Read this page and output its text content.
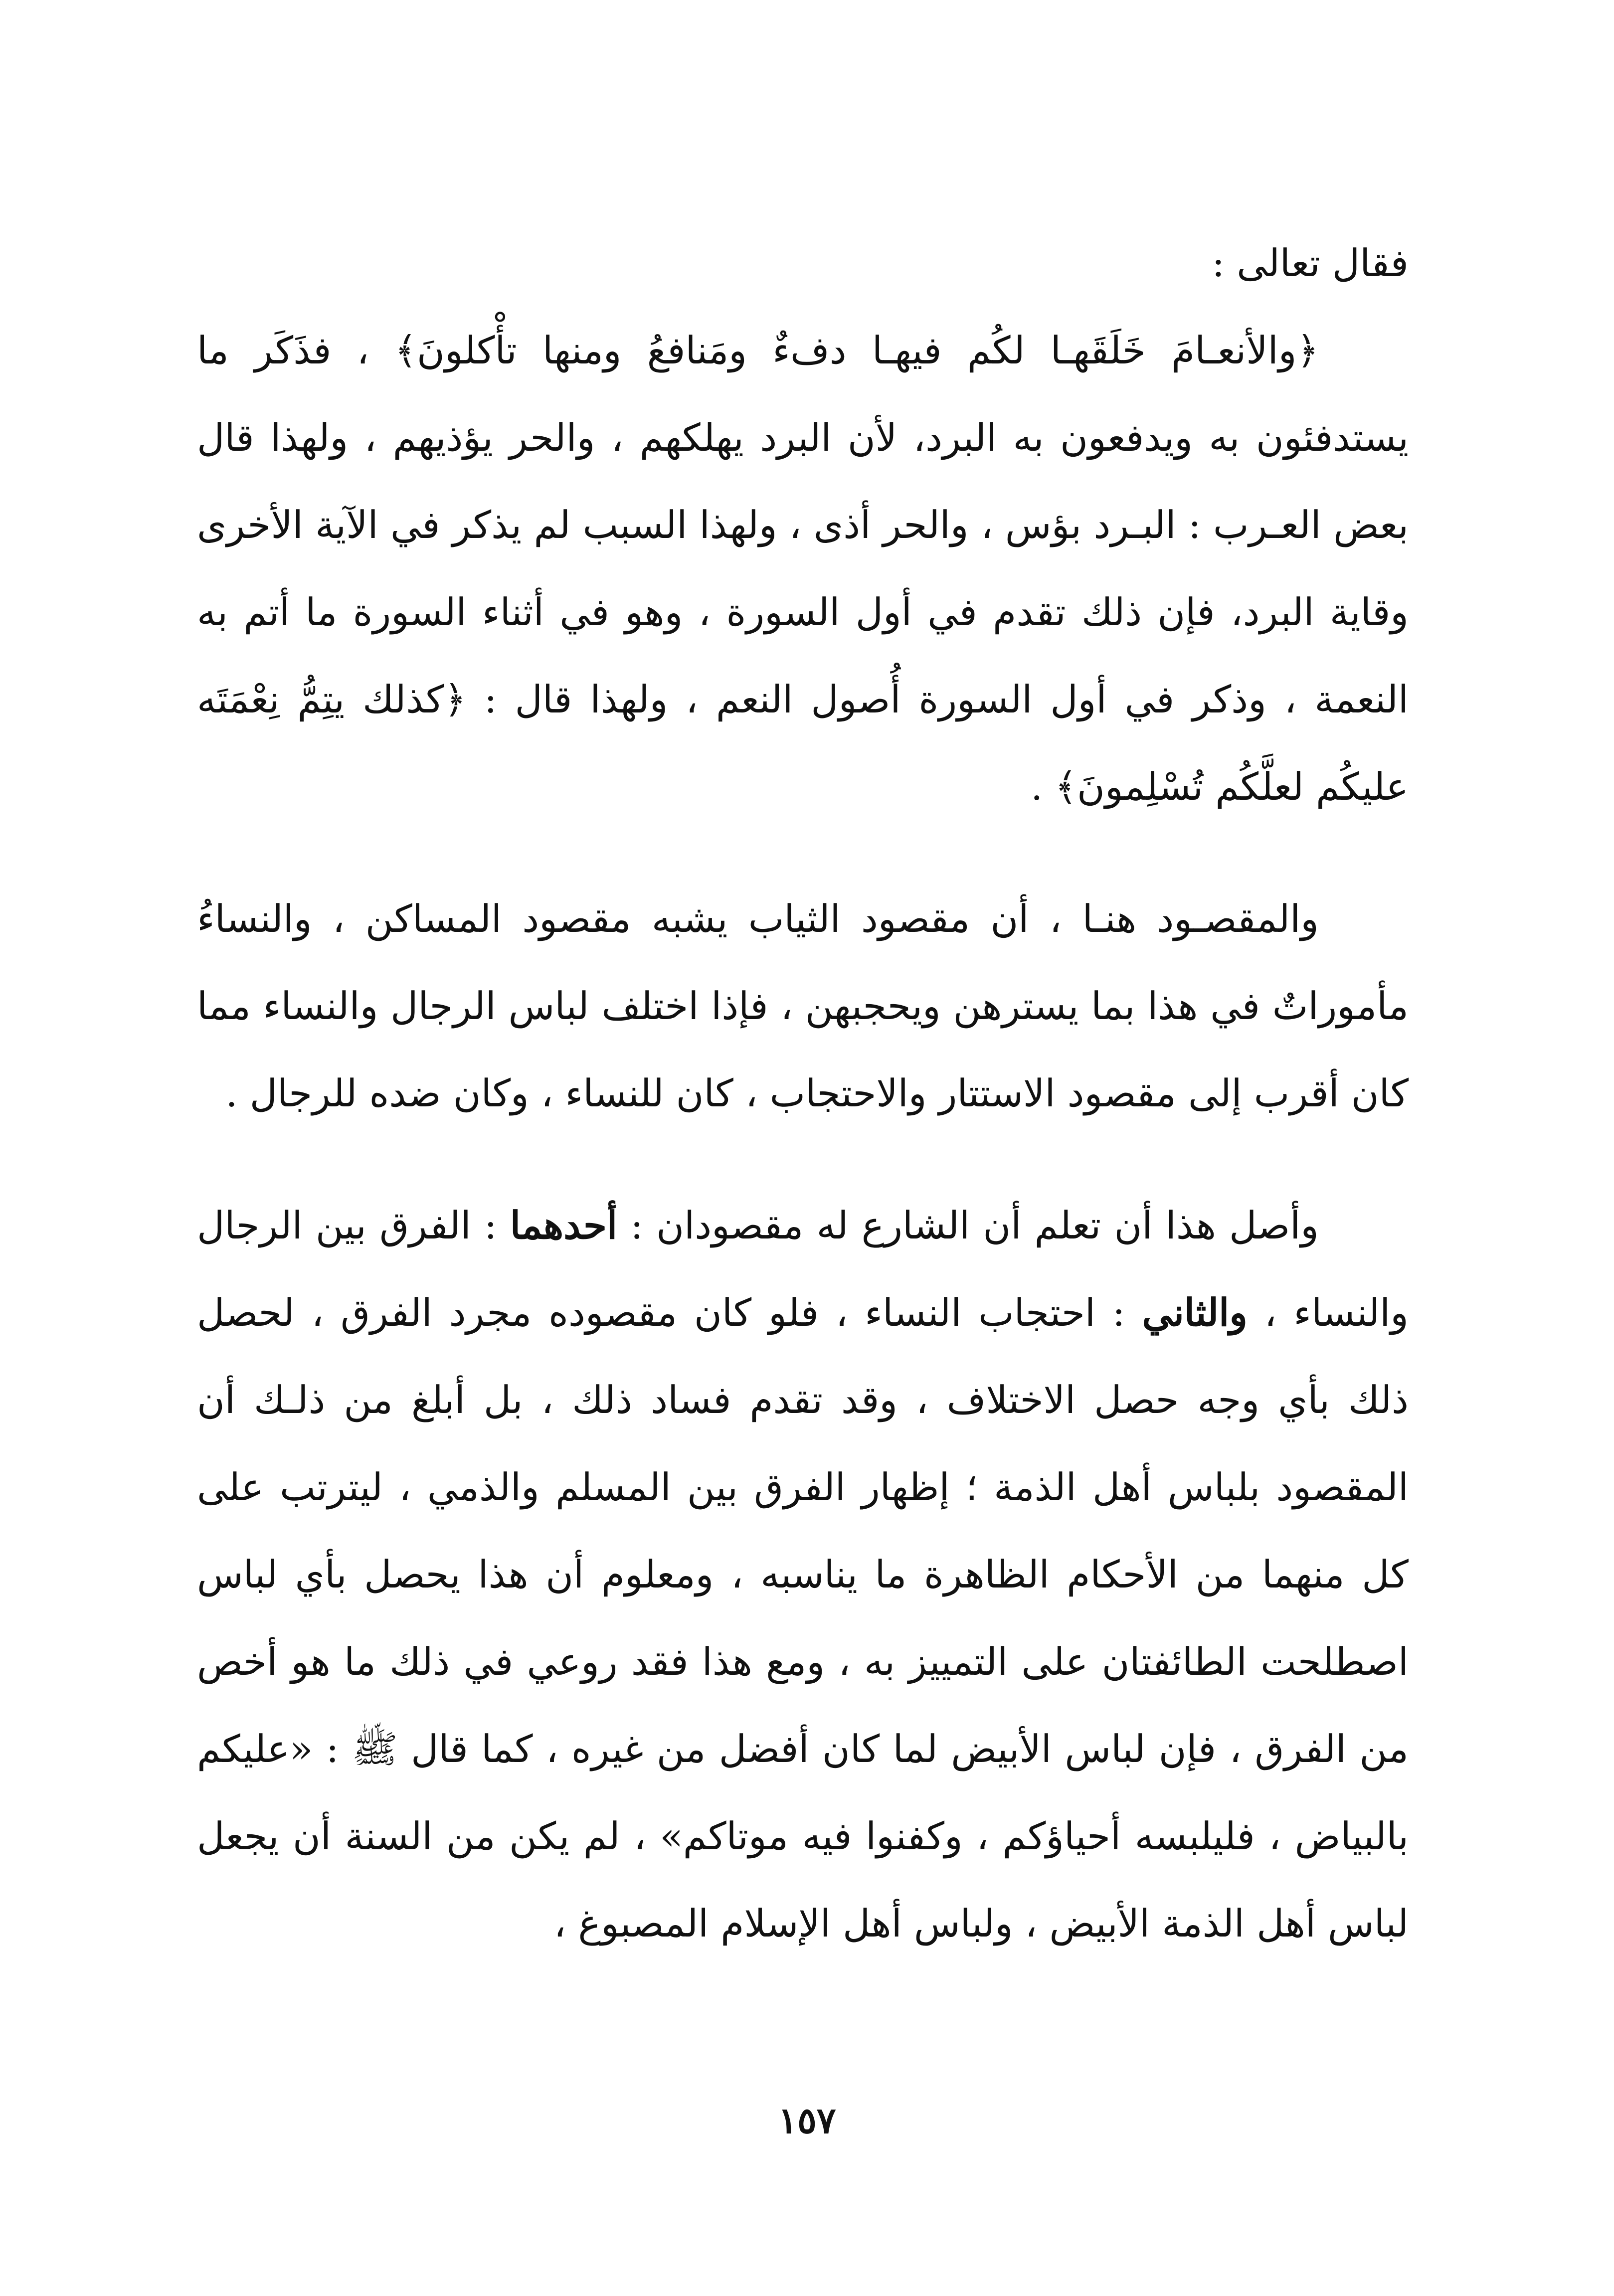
فقال تعالى :

﴿والأنعـامَ خَلَقَهـا لكُم فيهـا دفءٌ ومَنافعُ ومنها تأْكلونَ﴾ ، فذَكَر ما يستدفئون به ويدفعون به البرد، لأن البرد يهلكهم ، والحر يؤذيهم ، ولهذا قال بعض العـرب : البـرد بؤس ، والحر أذى ، ولهذا السبب لم يذكر في الآية الأخرى وقاية البرد، فإن ذلك تقدم في أول السورة ، وهو في أثناء السورة ما أتم به النعمة ، وذكر في أول السورة أُصول النعم ، ولهذا قال : ﴿كذلك يتِمُّ نِعْمَتَه عليكُم لعلَّكُم تُسْلِمونَ﴾ .

والمقصـود هنـا ، أن مقصود الثياب يشبه مقصود المساكن ، والنساءُ مأموراتٌ في هذا بما يسترهن ويحجبهن ، فإذا اختلف لباس الرجال والنساء مما كان أقرب إلى مقصود الاستتار والاحتجاب ، كان للنساء ، وكان ضده للرجال .

وأصل هذا أن تعلم أن الشارع له مقصودان : أحدهما : الفرق بين الرجال والنساء ، والثاني : احتجاب النساء ، فلو كان مقصوده مجرد الفرق ، لحصل ذلك بأي وجه حصل الاختلاف ، وقد تقدم فساد ذلك ، بل أبلغ من ذلـك أن المقصود بلباس أهل الذمة ؛ إظهار الفرق بين المسلم والذمي ، ليترتب على كل منهما من الأحكام الظاهرة ما يناسبه ، ومعلوم أن هذا يحصل بأي لباس اصطلحت الطائفتان على التمييز به ، ومع هذا فقد روعي في ذلك ما هو أخص من الفرق ، فإن لباس الأبيض لما كان أفضل من غيره ، كما قال ﷺ : «عليكم بالبياض ، فليلبسه أحياؤكم ، وكفنوا فيه موتاكم» ، لم يكن من السنة أن يجعل لباس أهل الذمة الأبيض ، ولباس أهل الإسلام المصبوغ ،

١٥٧
